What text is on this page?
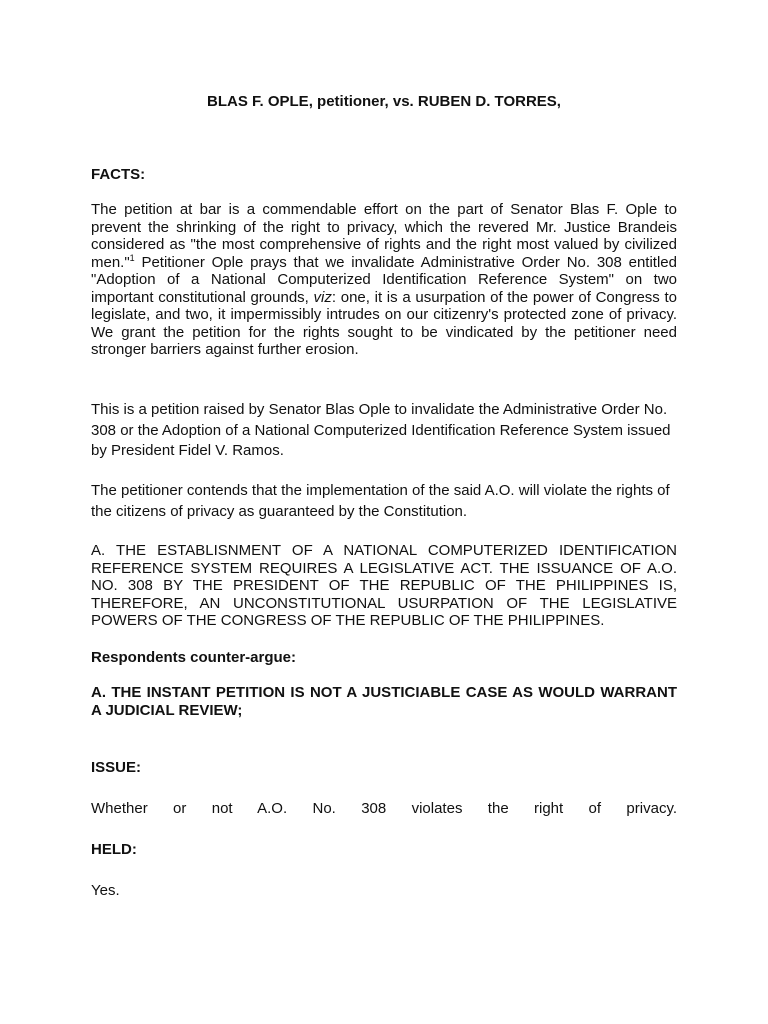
BLAS F. OPLE, petitioner, vs. RUBEN D. TORRES,

FACTS:

The petition at bar is a commendable effort on the part of Senator Blas F. Ople to prevent the shrinking of the right to privacy, which the revered Mr. Justice Brandeis considered as "the most comprehensive of rights and the right most valued by civilized men."$^1$ Petitioner Ople prays that we invalidate Administrative Order No. 308 entitled "Adoption of a National Computerized Identification Reference System" on two important constitutional grounds, viz: one, it is a usurpation of the power of Congress to legislate, and two, it impermissibly intrudes on our citizenry's protected zone of privacy. We grant the petition for the rights sought to be vindicated by the petitioner need stronger barriers against further erosion.

This is a petition raised by Senator Blas Ople to invalidate the Administrative Order No. 308 or the Adoption of a National Computerized Identification Reference System issued by President Fidel V. Ramos.

The petitioner contends that the implementation of the said A.O. will violate the rights of the citizens of privacy as guaranteed by the Constitution.

A. THE ESTABLISNMENT OF A NATIONAL COMPUTERIZED IDENTIFICATION REFERENCE SYSTEM REQUIRES A LEGISLATIVE ACT. THE ISSUANCE OF A.O. NO. 308 BY THE PRESIDENT OF THE REPUBLIC OF THE PHILIPPINES IS, THEREFORE, AN UNCONSTITUTIONAL USURPATION OF THE LEGISLATIVE POWERS OF THE CONGRESS OF THE REPUBLIC OF THE PHILIPPINES.

Respondents counter-argue:

A. THE INSTANT PETITION IS NOT A JUSTICIABLE CASE AS WOULD WARRANT A JUDICIAL REVIEW;

ISSUE:

Whether or not A.O. No. 308 violates the right of privacy.

HELD:

Yes.
